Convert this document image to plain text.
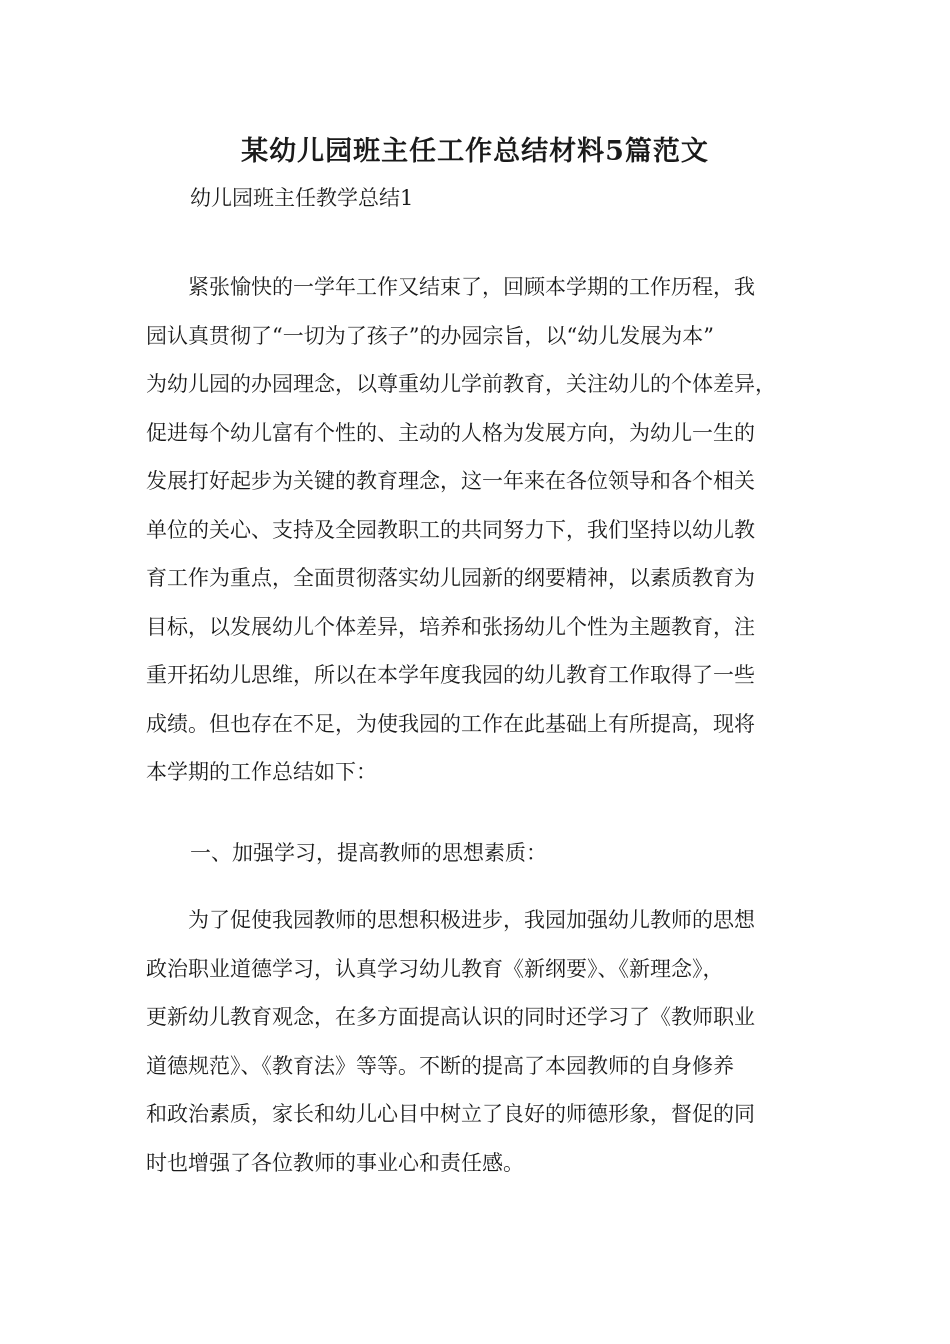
某幼儿园班主任工作总结材料5篇范文

幼儿园班主任教学总结1

紧张愉快的一学年工作又结束了，回顾本学期的工作历程，我
园认真贯彻了“一切为了孩子”的办园宗旨，以“幼儿发展为本”
为幼儿园的办园理念，以尊重幼儿学前教育，关注幼儿的个体差异，
促进每个幼儿富有个性的、主动的人格为发展方向，为幼儿一生的
发展打好起步为关键的教育理念，这一年来在各位领导和各个相关
单位的关心、支持及全园教职工的共同努力下，我们坚持以幼儿教
育工作为重点，全面贯彻落实幼儿园新的纲要精神，以素质教育为
目标，以发展幼儿个体差异，培养和张扬幼儿个性为主题教育，注
重开拓幼儿思维，所以在本学年度我园的幼儿教育工作取得了一些
成绩。但也存在不足，为使我园的工作在此基础上有所提高，现将
本学期的工作总结如下：

一、加强学习，提高教师的思想素质：

为了促使我园教师的思想积极进步，我园加强幼儿教师的思想
政治职业道德学习，认真学习幼儿教育《新纲要》、《新理念》，
更新幼儿教育观念，在多方面提高认识的同时还学习了《教师职业
道德规范》、《教育法》等等。不断的提高了本园教师的自身修养
和政治素质，家长和幼儿心目中树立了良好的师德形象，督促的同
时也增强了各位教师的事业心和责任感。
